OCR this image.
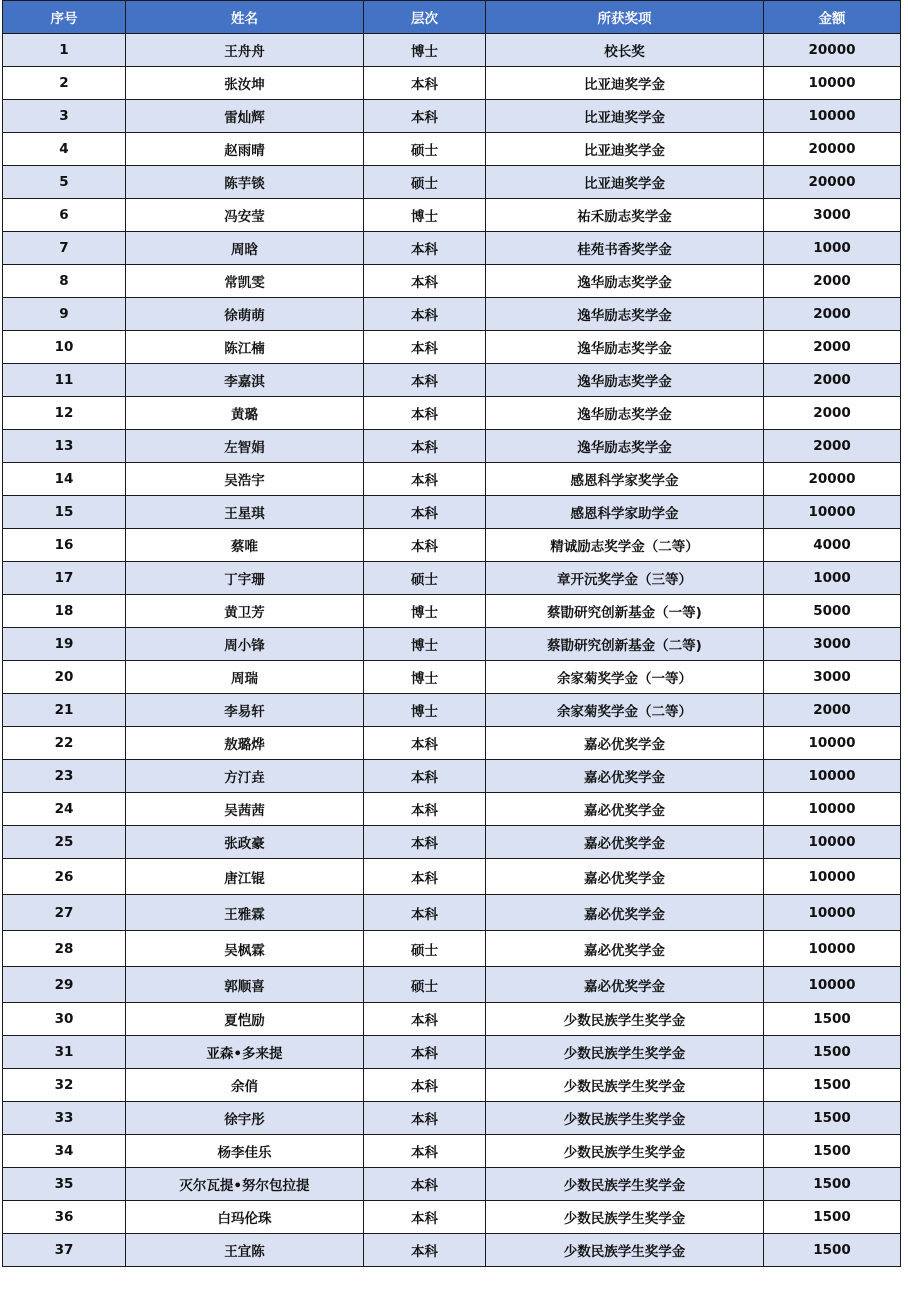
序号	姓名	层次	所获奖项	金额
1	王舟舟	博士	校长奖	20000
2	张汝坤	本科	比亚迪奖学金	10000
3	雷灿辉	本科	比亚迪奖学金	10000
4	赵雨晴	硕士	比亚迪奖学金	20000
5	陈芋锬	硕士	比亚迪奖学金	20000
6	冯安莹	博士	祐禾励志奖学金	3000
7	周晗	本科	桂苑书香奖学金	1000
8	常凯雯	本科	逸华励志奖学金	2000
9	徐萌萌	本科	逸华励志奖学金	2000
10	陈江楠	本科	逸华励志奖学金	2000
11	李嘉淇	本科	逸华励志奖学金	2000
12	黄璐	本科	逸华励志奖学金	2000
13	左智娟	本科	逸华励志奖学金	2000
14	吴浩宇	本科	感恩科学家奖学金	20000
15	王星琪	本科	感恩科学家助学金	10000
16	蔡唯	本科	精诚励志奖学金（二等）	4000
17	丁宇珊	硕士	章开沅奖学金（三等）	1000
18	黄卫芳	博士	蔡勖研究创新基金（一等)	5000
19	周小锋	博士	蔡勖研究创新基金（二等)	3000
20	周瑞	博士	余家菊奖学金（一等）	3000
21	李易轩	博士	余家菊奖学金（二等）	2000
22	敖璐烨	本科	嘉必优奖学金	10000
23	方汀垚	本科	嘉必优奖学金	10000
24	吴茜茜	本科	嘉必优奖学金	10000
25	张政豪	本科	嘉必优奖学金	10000
26	唐江锟	本科	嘉必优奖学金	10000
27	王雅霖	本科	嘉必优奖学金	10000
28	吴枫霖	硕士	嘉必优奖学金	10000
29	郭顺喜	硕士	嘉必优奖学金	10000
30	夏恺励	本科	少数民族学生奖学金	1500
31	亚森•多来提	本科	少数民族学生奖学金	1500
32	余俏	本科	少数民族学生奖学金	1500
33	徐宇彤	本科	少数民族学生奖学金	1500
34	杨李佳乐	本科	少数民族学生奖学金	1500
35	灭尔瓦提•努尔包拉提	本科	少数民族学生奖学金	1500
36	白玛伦珠	本科	少数民族学生奖学金	1500
37	王宜陈	本科	少数民族学生奖学金	1500
